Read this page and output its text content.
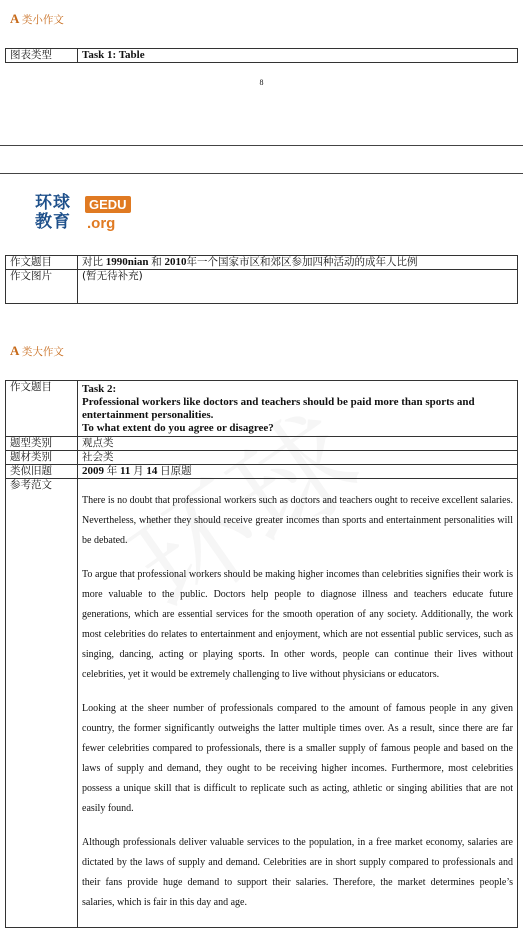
A 类小作文
图表类型	Task 1: Table
8
环球
教育
GEDU
.org
作文题目	对比 1990nian 和 2010年一个国家市区和郊区参加四种活动的成年人比例
作文图片	(暂无待补充)
A 类大作文
作文题目	Task 2:
Professional workers like doctors and teachers should be paid more than sports and entertainment personalities.
To what extent do you agree or disagree?

题型类别	观点类
题材类别	社会类
类似旧题	2009 年 11 月 14 日原题
参考范文	There is no doubt that professional workers such as doctors and teachers ought to receive excellent salaries. Nevertheless, whether they should receive greater incomes than sports and entertainment personalities will be debated.

To argue that professional workers should be making higher incomes than celebrities signifies their work is more valuable to the public. Doctors help people to diagnose illness and teachers educate future generations, which are essential services for the smooth operation of any society. Additionally, the work most celebrities do relates to entertainment and enjoyment, which are not essential public services, such as singing, dancing, acting or playing sports. In other words, people can continue their lives without celebrities, yet it would be extremely challenging to live without physicians or educators.

Looking at the sheer number of professionals compared to the amount of famous people in any given country, the former significantly outweighs the latter multiple times over. As a result, since there are far fewer celebrities compared to professionals, there is a smaller supply of famous people and based on the laws of supply and demand, they ought to be receiving higher incomes. Furthermore, most celebrities possess a unique skill that is difficult to replicate such as acting, athletic or singing abilities that are not easily found.

Although professionals deliver valuable services to the population, in a free market economy, salaries are dictated by the laws of supply and demand. Celebrities are in short supply compared to professionals and their fans provide huge demand to support their salaries. Therefore, the market determines people’s salaries, which is fair in this day and age.
